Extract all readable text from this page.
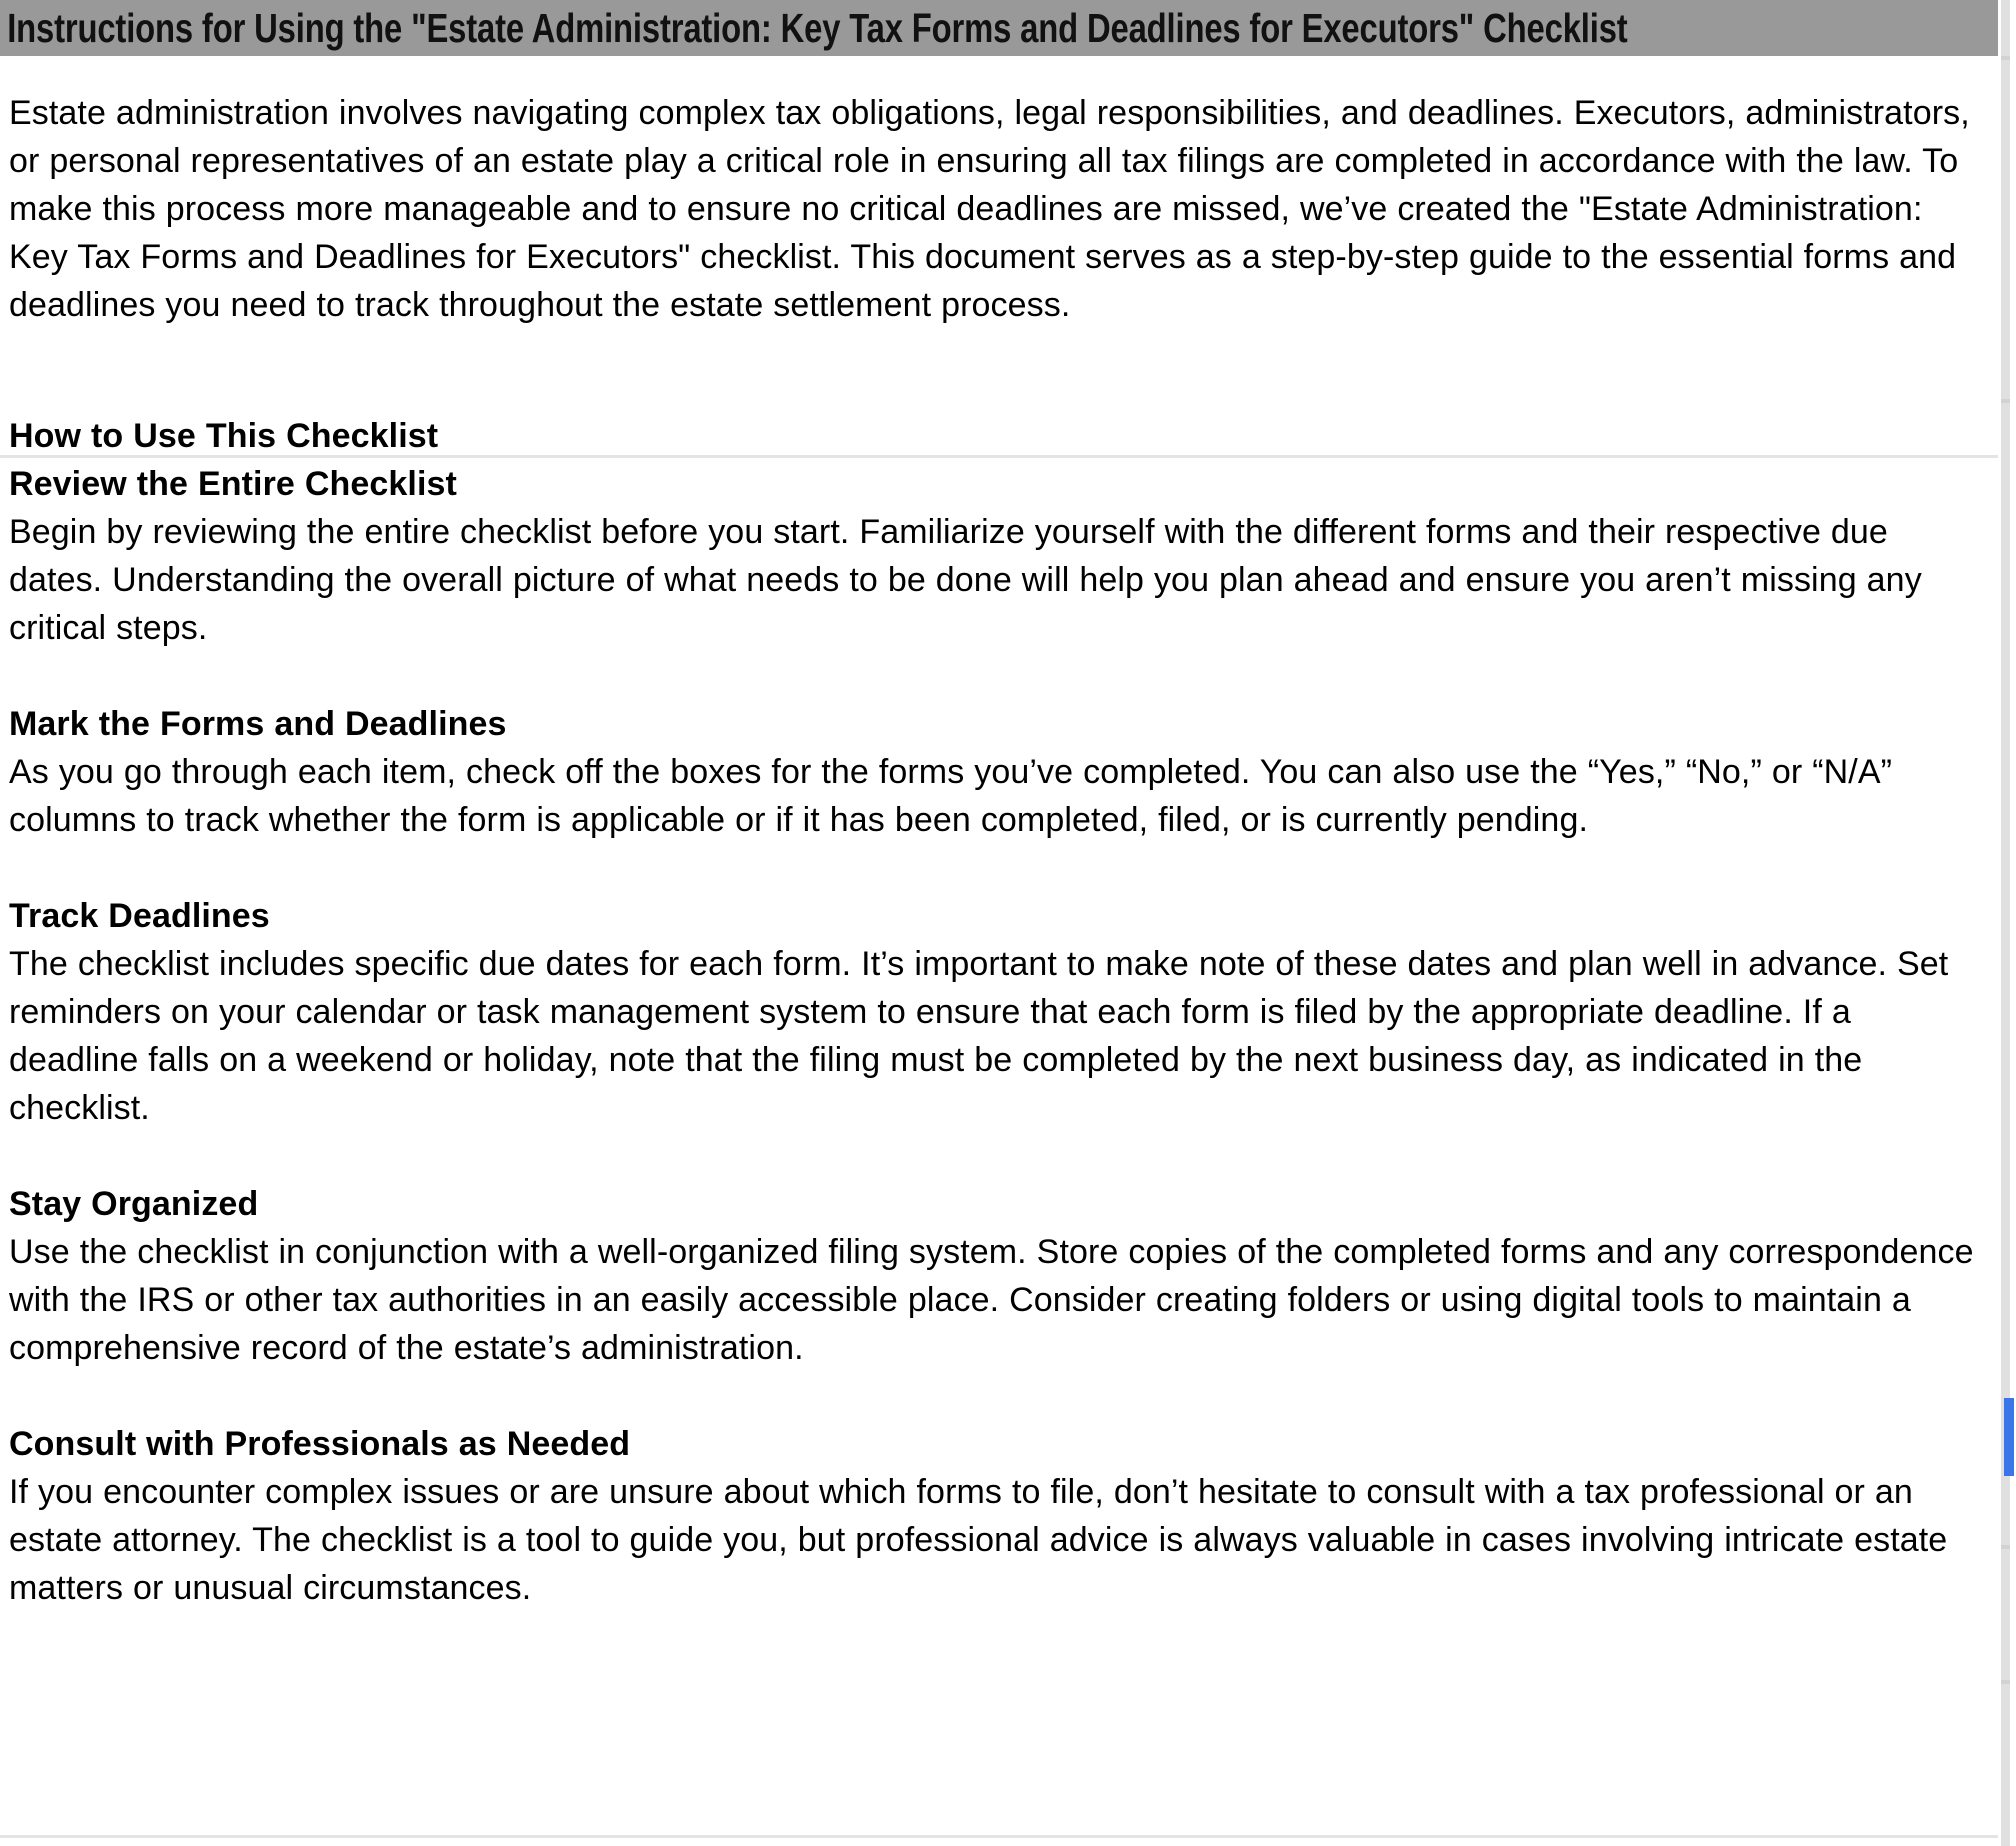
Instructions for Using the "Estate Administration: Key Tax Forms and Deadlines for Executors" Checklist

Estate administration involves navigating complex tax obligations, legal responsibilities, and deadlines. Executors, administrators, or personal representatives of an estate play a critical role in ensuring all tax filings are completed in accordance with the law. To make this process more manageable and to ensure no critical deadlines are missed, we’ve created the "Estate Administration: Key Tax Forms and Deadlines for Executors" checklist. This document serves as a step-by-step guide to the essential forms and deadlines you need to track throughout the estate settlement process.

How to Use This Checklist
Review the Entire Checklist

Begin by reviewing the entire checklist before you start. Familiarize yourself with the different forms and their respective due dates. Understanding the overall picture of what needs to be done will help you plan ahead and ensure you aren’t missing any critical steps.

Mark the Forms and Deadlines

As you go through each item, check off the boxes for the forms you’ve completed. You can also use the “Yes,” “No,” or “N/A” columns to track whether the form is applicable or if it has been completed, filed, or is currently pending.

Track Deadlines

The checklist includes specific due dates for each form. It’s important to make note of these dates and plan well in advance. Set reminders on your calendar or task management system to ensure that each form is filed by the appropriate deadline. If a deadline falls on a weekend or holiday, note that the filing must be completed by the next business day, as indicated in the checklist.

Stay Organized

Use the checklist in conjunction with a well-organized filing system. Store copies of the completed forms and any correspondence with the IRS or other tax authorities in an easily accessible place. Consider creating folders or using digital tools to maintain a comprehensive record of the estate’s administration.

Consult with Professionals as Needed

If you encounter complex issues or are unsure about which forms to file, don’t hesitate to consult with a tax professional or an estate attorney. The checklist is a tool to guide you, but professional advice is always valuable in cases involving intricate estate matters or unusual circumstances.
